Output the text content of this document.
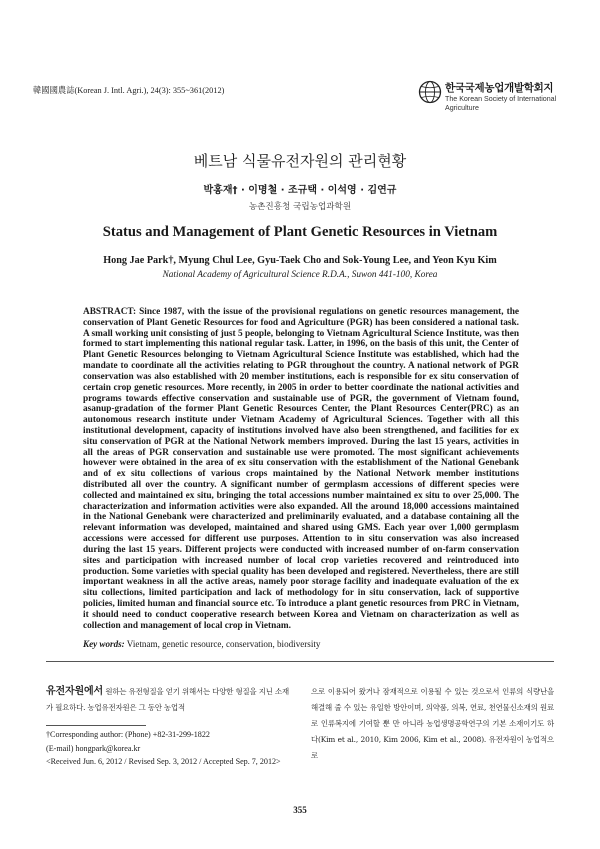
韓國國農誌(Korean J. Intl. Agri.), 24(3): 355~361(2012)	한국국제농업개발학회지
The Korean Society of International
Agriculture
베트남 식물유전자원의 관리현황
박홍재† · 이명철 · 조규택 · 이석영 · 김연규
농촌진흥청 국립농업과학원
Status and Management of Plant Genetic Resources in Vietnam
Hong Jae Park†, Myung Chul Lee, Gyu-Taek Cho and Sok-Young Lee, and Yeon Kyu Kim
National Academy of Agricultural Science R.D.A., Suwon 441-100, Korea
ABSTRACT: Since 1987, with the issue of the provisional regulations on genetic resources management, the conservation of Plant Genetic Resources for food and Agriculture (PGR) has been considered a national task. A small working unit consisting of just 5 people, belonging to Vietnam Agricultural Science Institute, was then formed to start implementing this national regular task. Latter, in 1996, on the basis of this unit, the Center of Plant Genetic Resources belonging to Vietnam Agricultural Science Institute was established, which had the mandate to coordinate all the activities relating to PGR throughout the country. A national network of PGR conservation was also established with 20 member institutions, each is responsible for ex situ conservation of certain crop genetic resources. More recently, in 2005 in order to better coordinate the national activities and programs towards effective conservation and sustainable use of PGR, the government of Vietnam found, asanup-gradation of the former Plant Genetic Resources Center, the Plant Resources Center(PRC) as an autonomous research institute under Vietnam Academy of Agricultural Sciences. Together with all this institutional development, capacity of institutions involved have also been strengthened, and facilities for ex situ conservation of PGR at the National Network members improved. During the last 15 years, activities in all the areas of PGR conservation and sustainable use were promoted. The most significant achievements however were obtained in the area of ex situ conservation with the establishment of the National Genebank and of ex situ collections of various crops maintained by the National Network member institutions distributed all over the country. A significant number of germplasm accessions of different species were collected and maintained ex situ, bringing the total accessions number maintained ex situ to over 25,000. The characterization and information activities were also expanded. All the around 18,000 accessions maintained in the National Genebank were characterized and preliminarily evaluated, and a database containing all the relevant information was developed, maintained and shared using GMS. Each year over 1,000 germplasm accessions were accessed for different use purposes. Attention to in situ conservation was also increased during the last 15 years. Different projects were conducted with increased number of on-farm conservation sites and participation with increased number of local crop varieties recovered and reintroduced into production. Some varieties with special quality has been developed and registered. Nevertheless, there are still important weakness in all the active areas, namely poor storage facility and inadequate evaluation of the ex situ collections, limited participation and lack of methodology for in situ conservation, lack of supportive policies, limited human and financial source etc. To introduce a plant genetic resources from PRC in Vietnam, it should need to conduct cooperative research between Korea and Vietnam on characterization as well as collection and management of local crop in Vietnam.
Key words: Vietnam, genetic resource, conservation, biodiversity
유전자원에서 원하는 유전형질을 얻기 위해서는 다양한 형질을 지닌 소재가 필요하다. 농업유전자원은 그 동안 농업적
으로 이용되어 왔거나 잠재적으로 이용될 수 있는 것으로서 인류의 식량난을 해결해 줄 수 있는 유일한 방안이며, 의약품, 의복, 연료, 천연물신소재의 원료로 인류복지에 기여할 뿐 만 아니라 농업생명공학연구의 기본 소재이기도 하다(Kim et al., 2010, Kim 2006, Kim et al., 2008). 유전자원이 농업적으로
†Corresponding author: (Phone) +82-31-299-1822
(E-mail) hongpark@korea.kr
<Received Jun. 6, 2012 / Revised Sep. 3, 2012 / Accepted Sep. 7, 2012>
355
